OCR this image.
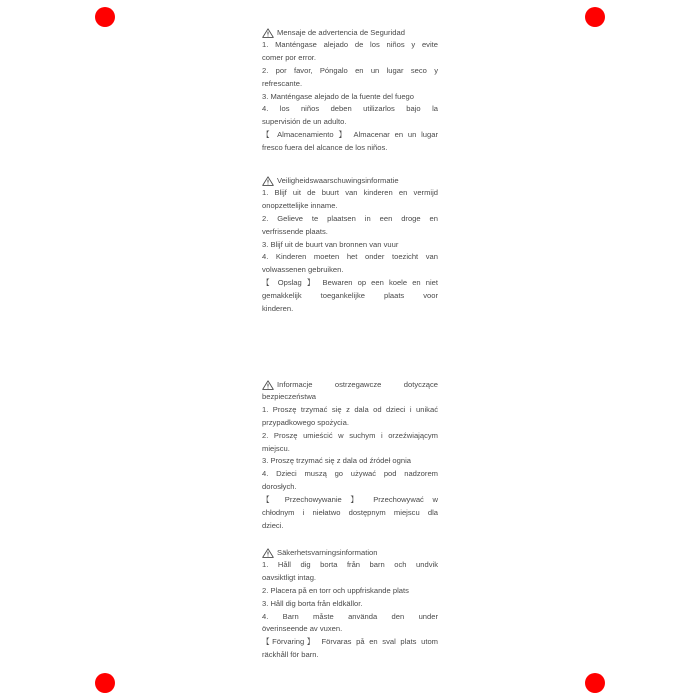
Mensaje de advertencia de Seguridad
1. Manténgase alejado de los niños y evite
comer por error.
2. por favor, Póngalo en un lugar seco y
refrescante.
3. Manténgase alejado de la fuente del fuego
4. los niños deben utilizarlos bajo la
supervisión de un adulto.
【 Almacenamiento 】 Almacenar en un lugar
fresco fuera del alcance de los niños.
Veiligheidswaarschuwingsinformatie
1. Blijf uit de buurt van kinderen en vermijd
onopzettelijke inname.
2. Gelieve te plaatsen in een droge en
verfrissende plaats.
3. Blijf uit de buurt van bronnen van vuur
4. Kinderen moeten het onder toezicht van
volwassenen gebruiken.
【 Opslag 】 Bewaren op een koele en niet
gemakkelijk toegankelijke plaats voor
kinderen.
Informacje ostrzegawcze dotyczące
bezpieczeństwa
1. Proszę trzymać się z dala od dzieci i unikać
przypadkowego spożycia.
2. Proszę umieścić w suchym i orzeźwiającym
miejscu.
3. Proszę trzymać się z dala od źródeł ognia
4. Dzieci muszą go używać pod nadzorem
dorosłych.
【 Przechowywanie 】 Przechowywać w
chłodnym i niełatwo dostępnym miejscu dla
dzieci.
Säkerhetsvarningsinformation
1. Håll dig borta från barn och undvik
oavsiktligt intag.
2. Placera på en torr och uppfriskande plats
3. Håll dig borta från eldkällor.
4. Barn måste använda den under
överinseende av vuxen.
【Förvaring】 Förvaras på en sval plats utom
räckhåll för barn.
